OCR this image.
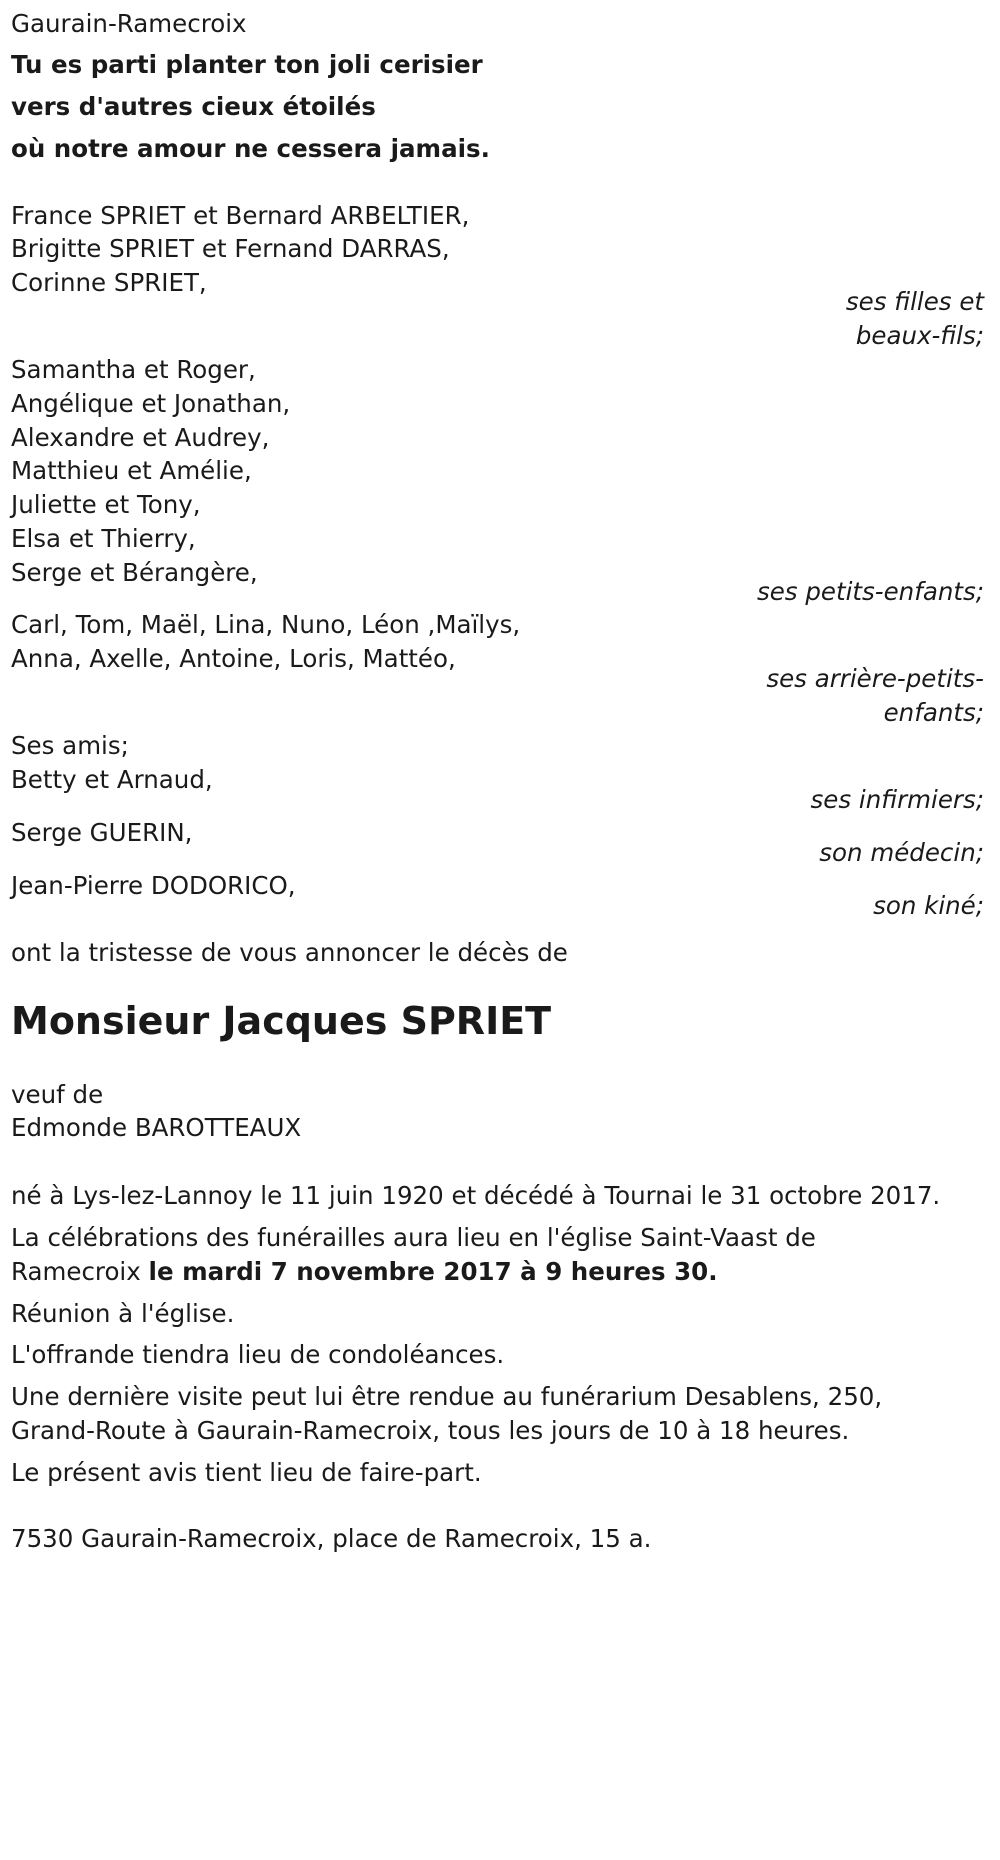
Gaurain-Ramecroix
Tu es parti planter ton joli cerisier
vers d'autres cieux étoilés
où notre amour ne cessera jamais.
France SPRIET et Bernard ARBELTIER,
Brigitte SPRIET et Fernand DARRAS,
Corinne SPRIET,
ses filles et
beaux-fils;
Samantha et Roger,
Angélique et Jonathan,
Alexandre et Audrey,
Matthieu et Amélie,
Juliette et Tony,
Elsa et Thierry,
Serge et Bérangère,
ses petits-enfants;
Carl, Tom, Maël, Lina, Nuno, Léon ,Maïlys,
Anna, Axelle, Antoine, Loris, Mattéo,
ses arrière-petits-
enfants;
Ses amis;
Betty et Arnaud,
ses infirmiers;
Serge GUERIN,
son médecin;
Jean-Pierre DODORICO,
son kiné;
ont la tristesse de vous annoncer le décès de
Monsieur Jacques SPRIET
veuf de
Edmonde BAROTTEAUX
né à Lys-lez-Lannoy le 11 juin 1920 et décédé à Tournai le 31 octobre 2017.
La célébrations des funérailles aura lieu en l'église Saint-Vaast de
Ramecroix le mardi 7 novembre 2017 à 9 heures 30.
Réunion à l'église.
L'offrande tiendra lieu de condoléances.
Une dernière visite peut lui être rendue au funérarium Desablens, 250,
Grand-Route à Gaurain-Ramecroix, tous les jours de 10 à 18 heures.
Le présent avis tient lieu de faire-part.
7530 Gaurain-Ramecroix, place de Ramecroix, 15 a.
